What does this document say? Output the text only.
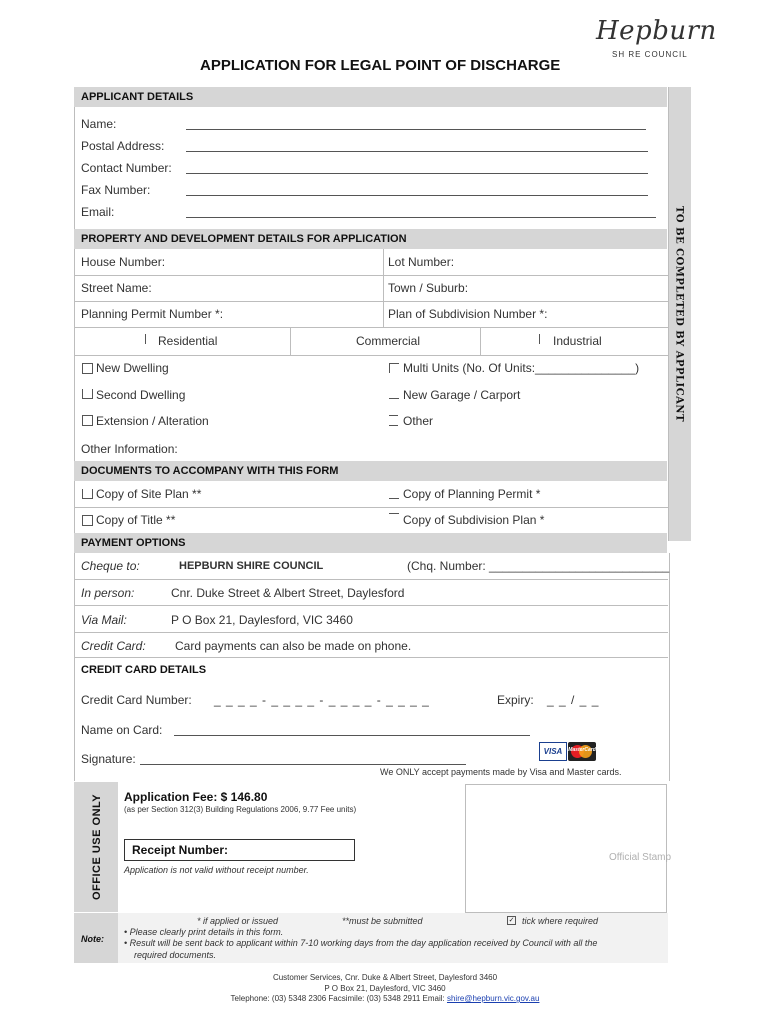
Hepburn
SH RE COUNCIL
APPLICATION FOR LEGAL POINT OF DISCHARGE
TO BE COMPLETED BY APPLICANT
APPLICANT DETAILS
Name:
Postal Address:
Contact Number:
Fax Number:
Email:
PROPERTY AND DEVELOPMENT DETAILS FOR APPLICATION
House Number:	Lot Number:
Street Name:	Town / Suburb:
Planning Permit Number *:	Plan of Subdivision Number *:
Residential	Commercial	Industrial
New Dwelling	Multi Units (No. Of Units:_______________)
Second Dwelling	New Garage / Carport
Extension / Alteration	Other
Other Information:
DOCUMENTS TO ACCOMPANY WITH THIS FORM
Copy of Site Plan **	Copy of Planning Permit *
Copy of Title **	Copy of Subdivision Plan *
PAYMENT OPTIONS
Cheque to:	HEPBURN SHIRE COUNCIL	(Chq. Number: ___________________________
In person:	Cnr. Duke Street & Albert Street, Daylesford
Via Mail:	P O Box 21, Daylesford, VIC 3460
Credit Card: Card payments can also be made on phone.
CREDIT CARD DETAILS
Credit Card Number: _ _ _ _ - _ _ _ _ - _ _ _ _ - _ _ _ _	Expiry: _ _ / _ _
Name on Card:
Signature:
VISA	MasterCard
We ONLY accept payments made by Visa and Master cards.
OFFICE USE ONLY Application Fee: $ 146.80
(as per Section 312(3) Building Regulations 2006, 9.77 Fee units)
Receipt Number:
Application is not valid without receipt number.
Official Stamp
Note:
* if applied or issued	**must be submitted	✓ tick where required
• Please clearly print details in this form.
• Result will be sent back to applicant within 7-10 working days from the day application received by Council with all the
required documents.
Customer Services, Cnr. Duke & Albert Street, Daylesford 3460
P O Box 21, Daylesford, VIC 3460
Telephone: (03) 5348 2306 Facsimile: (03) 5348 2911 Email: shire@hepburn.vic.gov.au
